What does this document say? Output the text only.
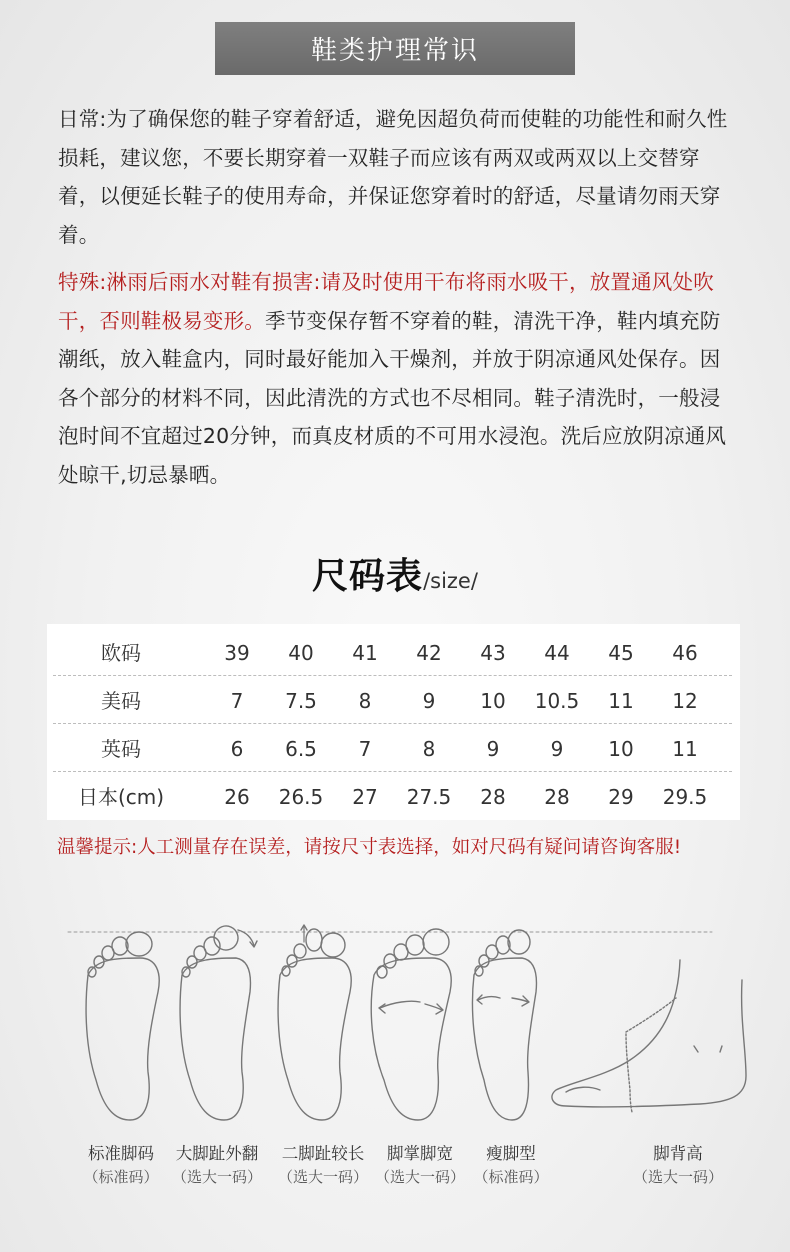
鞋类护理常识

日常:为了确保您的鞋子穿着舒适，避免因超负荷而使鞋的功能性和耐久性损耗，建议您，不要长期穿着一双鞋子而应该有两双或两双以上交替穿着，以便延长鞋子的使用寿命，并保证您穿着时的舒适，尽量请勿雨天穿着。

特殊:淋雨后雨水对鞋有损害:请及时使用干布将雨水吸干，放置通风处吹干，否则鞋极易变形。季节变保存暂不穿着的鞋，清洗干净，鞋内填充防潮纸，放入鞋盒内，同时最好能加入干燥剂，并放于阴凉通风处保存。因各个部分的材料不同，因此清洗的方式也不尽相同。鞋子清洗时，一般浸泡时间不宜超过20分钟，而真皮材质的不可用水浸泡。洗后应放阴凉通风处晾干,切忌暴晒。

尺码表/size/
欧码	39	40	41	42	43	44	45	46
美码	7	7.5	8	9	10	10.5	11	12
英码	6	6.5	7	8	9	9	10	11
日本(cm)	26	26.5	27	27.5	28	28	29	29.5
温馨提示:人工测量存在误差，请按尺寸表选择，如对尺码有疑问请咨询客服!
标准脚码
（标准码）
大脚趾外翻
（选大一码）
二脚趾较长
（选大一码）
脚掌脚宽
（选大一码）
瘦脚型
（标准码）
脚背高
（选大一码）
